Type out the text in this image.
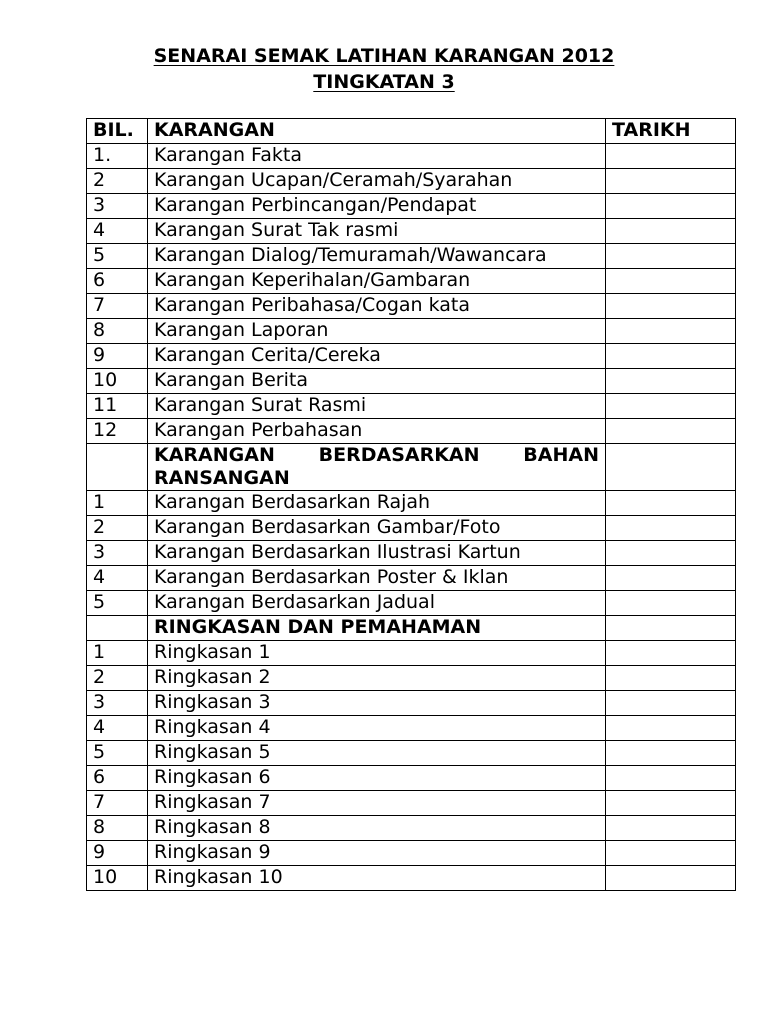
SENARAI SEMAK LATIHAN KARANGAN 2012
TINGKATAN 3
BIL.	KARANGAN	TARIKH
1.	Karangan Fakta	
2	Karangan Ucapan/Ceramah/Syarahan	
3	Karangan Perbincangan/Pendapat	
4	Karangan Surat Tak rasmi	
5	Karangan Dialog/Temuramah/Wawancara	
6	Karangan Keperihalan/Gambaran	
7	Karangan Peribahasa/Cogan kata	
8	Karangan Laporan	
9	Karangan Cerita/Cereka	
10	Karangan Berita	
11	Karangan Surat Rasmi	
12	Karangan Perbahasan	

	KARANGAN BERDASARKAN BAHAN
RANSANGAN	

1	Karangan Berdasarkan Rajah	
2	Karangan Berdasarkan Gambar/Foto	
3	Karangan Berdasarkan Ilustrasi Kartun	
4	Karangan Berdasarkan Poster & Iklan	
5	Karangan Berdasarkan Jadual	
	RINGKASAN DAN PEMAHAMAN	
1	Ringkasan 1	
2	Ringkasan 2	
3	Ringkasan 3	
4	Ringkasan 4	
5	Ringkasan 5	
6	Ringkasan 6	
7	Ringkasan 7	
8	Ringkasan 8	
9	Ringkasan 9	
10	Ringkasan 10	
